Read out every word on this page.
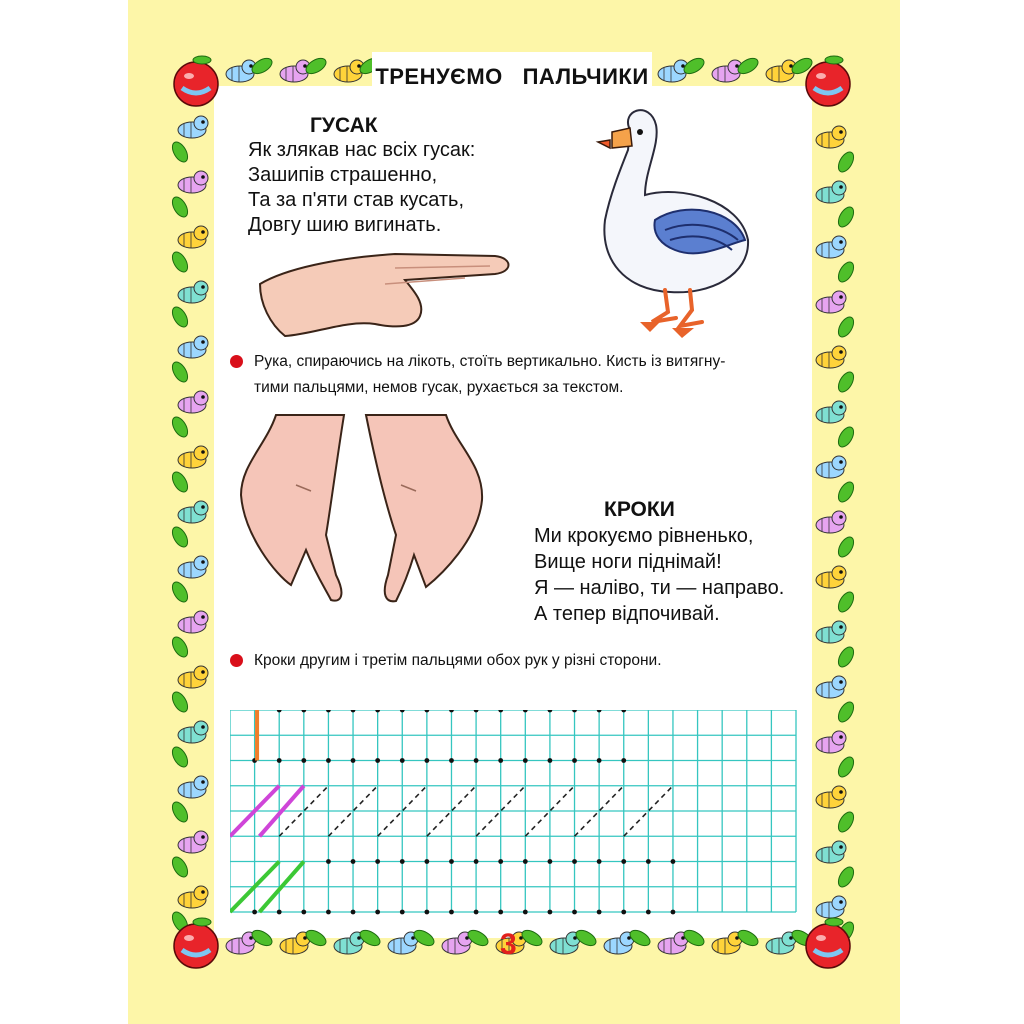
ТРЕНУЄМО   ПАЛЬЧИКИ
ГУСАК
Як злякав нас всіх гусак:
Зашипів страшенно,
Та за п'яти став кусать,
Довгу шию вигинать.
Рука, спираючись на лікоть, стоїть вертикально. Кисть із витягну-
тими пальцями, немов гусак, рухається за текстом.
КРОКИ
Ми крокуємо рівненько,
Вище ноги піднімай!
Я — наліво, ти — направо.
А тепер відпочивай.
Кроки другим і третім пальцями обох рук у різні сторони.
3
